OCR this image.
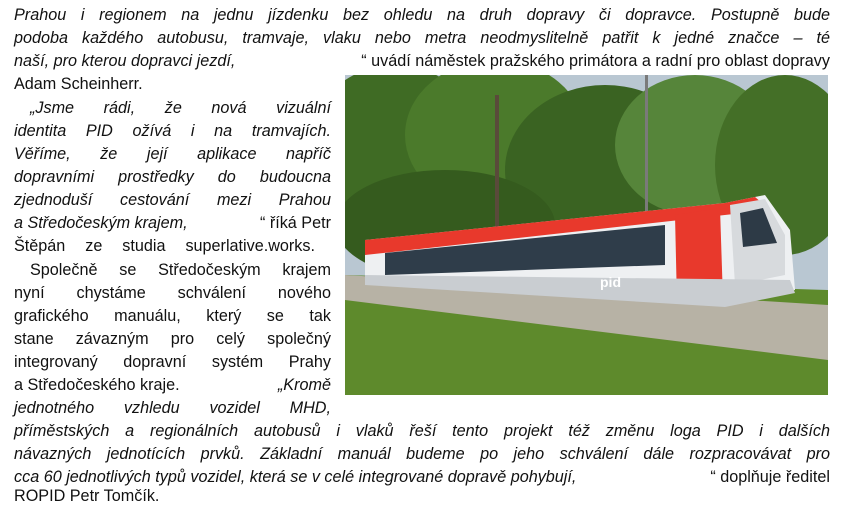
Prahou i regionem na jednu jízdenku bez ohledu na druh dopravy či dopravce. Postupně bude
podoba každého autobusu, tramvaje, vlaku nebo metra neodmyslitelně patřit k jedné značce – té
naší, pro kterou dopravci jezdí,	“ uvádí náměstek pražského primátora a radní pro oblast dopravy
Adam Scheinherr.
„Jsme rádi, že nová vizuální
identita PID ožívá i na tramvajích.
Věříme, že její aplikace napříč
dopravními prostředky do budoucna
zjednoduší cestování mezi Prahou
a Středočeským krajem,	“ říká Petr
Štěpán ze studia superlative.works.
Společně se Středočeským krajem
nyní chystáme schválení nového
grafického manuálu, který se tak
stane závazným pro celý společný
integrovaný dopravní systém Prahy
a Středočeského kraje.	„Kromě
jednotného vzhledu vozidel MHD,
příměstských a regionálních autobusů i vlaků řeší tento projekt též změnu loga PID i dalších
návazných jednotících prvků. Základní manuál budeme po jeho schválení dále rozpracovávat pro
cca 60 jednotlivých typů vozidel, která se v celé integrované dopravě pohybují,	“ doplňuje ředitel
ROPID Petr Tomčík.
pid
